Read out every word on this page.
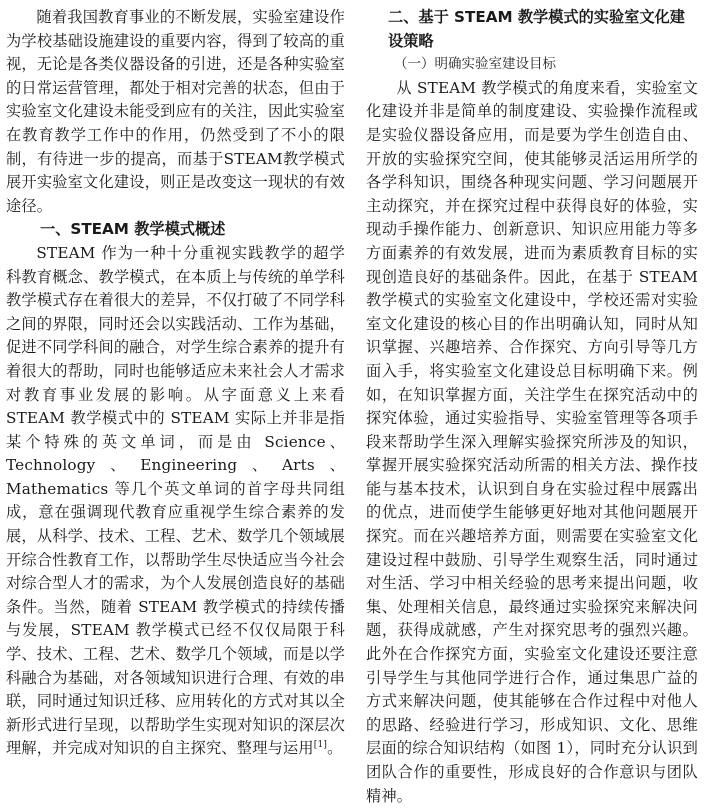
随着我国教育事业的不断发展，实验室建设作为学校基础设施建设的重要内容，得到了较高的重视，无论是各类仪器设备的引进，还是各种实验室的日常运营管理，都处于相对完善的状态，但由于实验室文化建设未能受到应有的关注，因此实验室在教育教学工作中的作用，仍然受到了不小的限制，有待进一步的提高，而基于STEAM教学模式展开实验室文化建设，则正是改变这一现状的有效途径。

一、STEAM 教学模式概述

STEAM 作为一种十分重视实践教学的超学科教育概念、教学模式，在本质上与传统的单学科教学模式存在着很大的差异，不仅打破了不同学科之间的界限，同时还会以实践活动、工作为基础，促进不同学科间的融合，对学生综合素养的提升有着很大的帮助，同时也能够适应未来社会人才需求对教育事业发展的影响。从字面意义上来看 STEAM 教学模式中的 STEAM 实际上并非是指某个特殊的英文单词，而是由 Science、Technology、Engineering、Arts、Mathematics 等几个英文单词的首字母共同组成，意在强调现代教育应重视学生综合素养的发展，从科学、技术、工程、艺术、数学几个领域展开综合性教育工作，以帮助学生尽快适应当今社会对综合型人才的需求，为个人发展创造良好的基础条件。当然，随着 STEAM 教学模式的持续传播与发展，STEAM 教学模式已经不仅仅局限于科学、技术、工程、艺术、数学几个领域，而是以学科融合为基础，对各领域知识进行合理、有效的串联，同时通过知识迁移、应用转化的方式对其以全新形式进行呈现，以帮助学生实现对知识的深层次理解，并完成对知识的自主探究、整理与运用[1]。

二、基于 STEAM 教学模式的实验室文化建设策略

（一）明确实验室建设目标

从 STEAM 教学模式的角度来看，实验室文化建设并非是简单的制度建设、实验操作流程或是实验仪器设备应用，而是要为学生创造自由、开放的实验探究空间，使其能够灵活运用所学的各学科知识，围绕各种现实问题、学习问题展开主动探究，并在探究过程中获得良好的体验，实现动手操作能力、创新意识、知识应用能力等多方面素养的有效发展，进而为素质教育目标的实现创造良好的基础条件。因此，在基于 STEAM 教学模式的实验室文化建设中，学校还需对实验室文化建设的核心目的作出明确认知，同时从知识掌握、兴趣培养、合作探究、方向引导等几方面入手，将实验室文化建设总目标明确下来。例如，在知识掌握方面，关注学生在探究活动中的探究体验，通过实验指导、实验室管理等各项手段来帮助学生深入理解实验探究所涉及的知识，掌握开展实验探究活动所需的相关方法、操作技能与基本技术，认识到自身在实验过程中展露出的优点，进而使学生能够更好地对其他问题展开探究。而在兴趣培养方面，则需要在实验室文化建设过程中鼓励、引导学生观察生活，同时通过对生活、学习中相关经验的思考来提出问题，收集、处理相关信息，最终通过实验探究来解决问题，获得成就感，产生对探究思考的强烈兴趣。此外在合作探究方面，实验室文化建设还要注意引导学生与其他同学进行合作，通过集思广益的方式来解决问题，使其能够在合作过程中对他人的思路、经验进行学习，形成知识、文化、思维层面的综合知识结构（如图 1），同时充分认识到团队合作的重要性，形成良好的合作意识与团队精神。
